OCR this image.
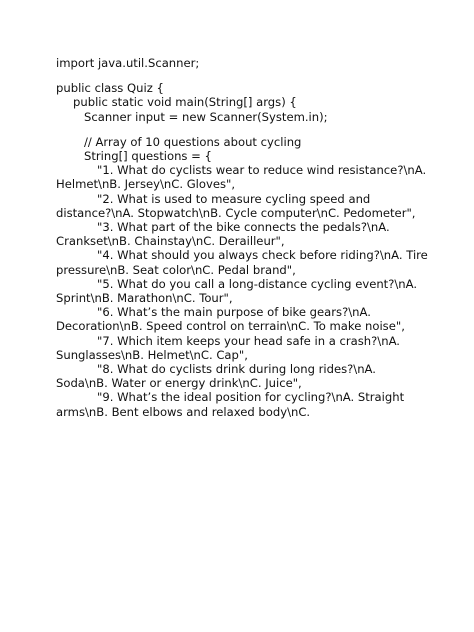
import java.util.Scanner;

public class Quiz {

public static void main(String[] args) {

Scanner input = new Scanner(System.in);

// Array of 10 questions about cycling

String[] questions = {

"1. What do cyclists wear to reduce wind resistance?\nA. Helmet\nB. Jersey\nC. Gloves",

"2. What is used to measure cycling speed and distance?\nA. Stopwatch\nB. Cycle computer\nC. Pedometer",

"3. What part of the bike connects the pedals?\nA. Crankset\nB. Chainstay\nC. Derailleur",

"4. What should you always check before riding?\nA. Tire pressure\nB. Seat color\nC. Pedal brand",

"5. What do you call a long-distance cycling event?\nA. Sprint\nB. Marathon\nC. Tour",

"6. What’s the main purpose of bike gears?\nA. Decoration\nB. Speed control on terrain\nC. To make noise",

"7. Which item keeps your head safe in a crash?\nA. Sunglasses\nB. Helmet\nC. Cap",

"8. What do cyclists drink during long rides?\nA. Soda\nB. Water or energy drink\nC. Juice",

"9. What’s the ideal position for cycling?\nA. Straight arms\nB. Bent elbows and relaxed body\nC.
